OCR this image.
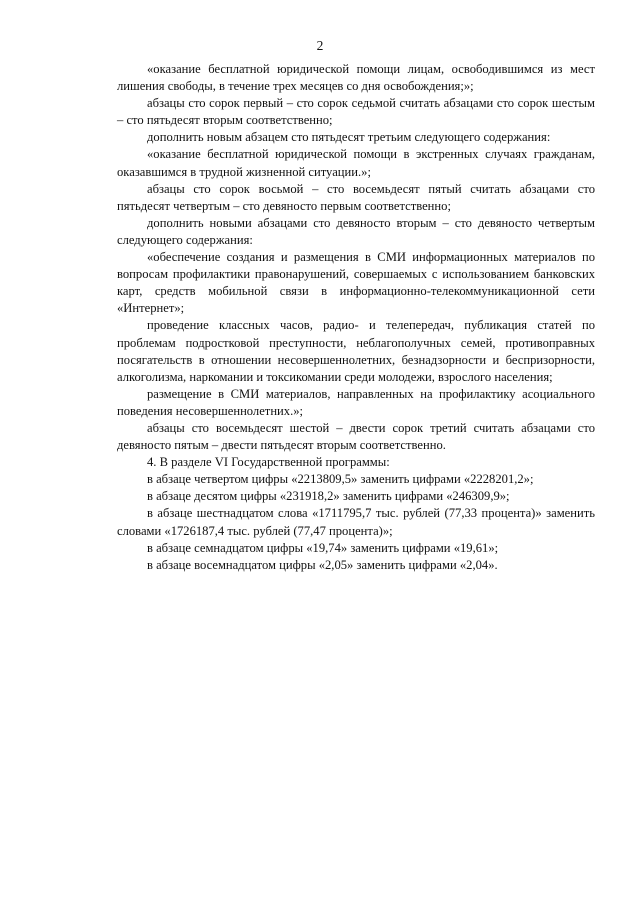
2

«оказание бесплатной юридической помощи лицам, освободившимся из мест лишения свободы, в течение трех месяцев со дня освобождения;»;

абзацы сто сорок первый – сто сорок седьмой считать абзацами сто сорок шестым – сто пятьдесят вторым соответственно;

дополнить новым абзацем сто пятьдесят третьим следующего содержания:

«оказание бесплатной юридической помощи в экстренных случаях гражданам, оказавшимся в трудной жизненной ситуации.»;

абзацы сто сорок восьмой – сто восемьдесят пятый считать абзацами сто пятьдесят четвертым – сто девяносто первым соответственно;

дополнить новыми абзацами сто девяносто вторым – сто девяносто четвертым следующего содержания:

«обеспечение создания и размещения в СМИ информационных материалов по вопросам профилактики правонарушений, совершаемых с использованием банковских карт, средств мобильной связи в информационно-телекоммуникационной сети «Интернет»;

проведение классных часов, радио- и телепередач, публикация статей по проблемам подростковой преступности, неблагополучных семей, противоправных посягательств в отношении несовершеннолетних, безнадзорности и беспризорности, алкоголизма, наркомании и токсикомании среди молодежи, взрослого населения;

размещение в СМИ материалов, направленных на профилактику асоциального поведения несовершеннолетних.»;

абзацы сто восемьдесят шестой – двести сорок третий считать абзацами сто девяносто пятым – двести пятьдесят вторым соответственно.

4. В разделе VI Государственной программы:

в абзаце четвертом цифры «2213809,5» заменить цифрами «2228201,2»;

в абзаце десятом цифры «231918,2» заменить цифрами «246309,9»;

в абзаце шестнадцатом слова «1711795,7 тыс. рублей (77,33 процента)» заменить словами «1726187,4 тыс. рублей (77,47 процента)»;

в абзаце семнадцатом цифры «19,74» заменить цифрами «19,61»;

в абзаце восемнадцатом цифры «2,05» заменить цифрами «2,04».
